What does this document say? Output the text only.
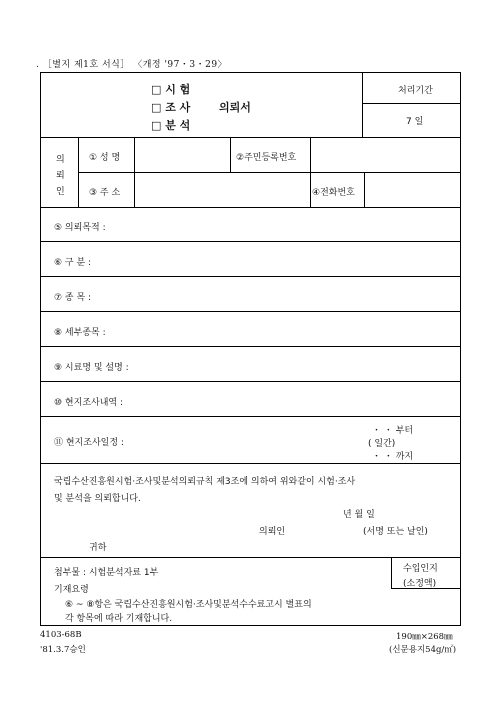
. ［별지 제1호 서식］ 〈개정 '97・3・29〉
□ 시 험
□ 조 사
□ 분 석
의뢰서
처리기간
7 일
의
뢰
인
① 성 명	②주민등록번호
③ 주 소	④전화번호
⑤ 의뢰목적 :
⑥ 구 분 :
⑦ 종 목 :
⑧ 세부종목 :
⑨ 시료명 및 설명 :
⑩ 현지조사내역 :
⑪ 현지조사일정 :
・ ・ 부터
( 일간)
・ ・ 까지
국립수산진흥원시험·조사및분석의뢰규칙 제3조에 의하여 위와같이 시험·조사
및 분석을 의뢰합니다.
년 월 일
의뢰인	(서명 또는 날인)
귀하
첨부물 : 시험분석자료 1부
기재요령
⑥ ~ ⑧항은 국립수산진흥원시험·조사및분석수수료고시 별표의
각 항목에 따라 기재합니다.
수입인지
(소정액)
4103-68B
'81.3.7승인
190㎜×268㎜
(신문용지54g/㎡)
